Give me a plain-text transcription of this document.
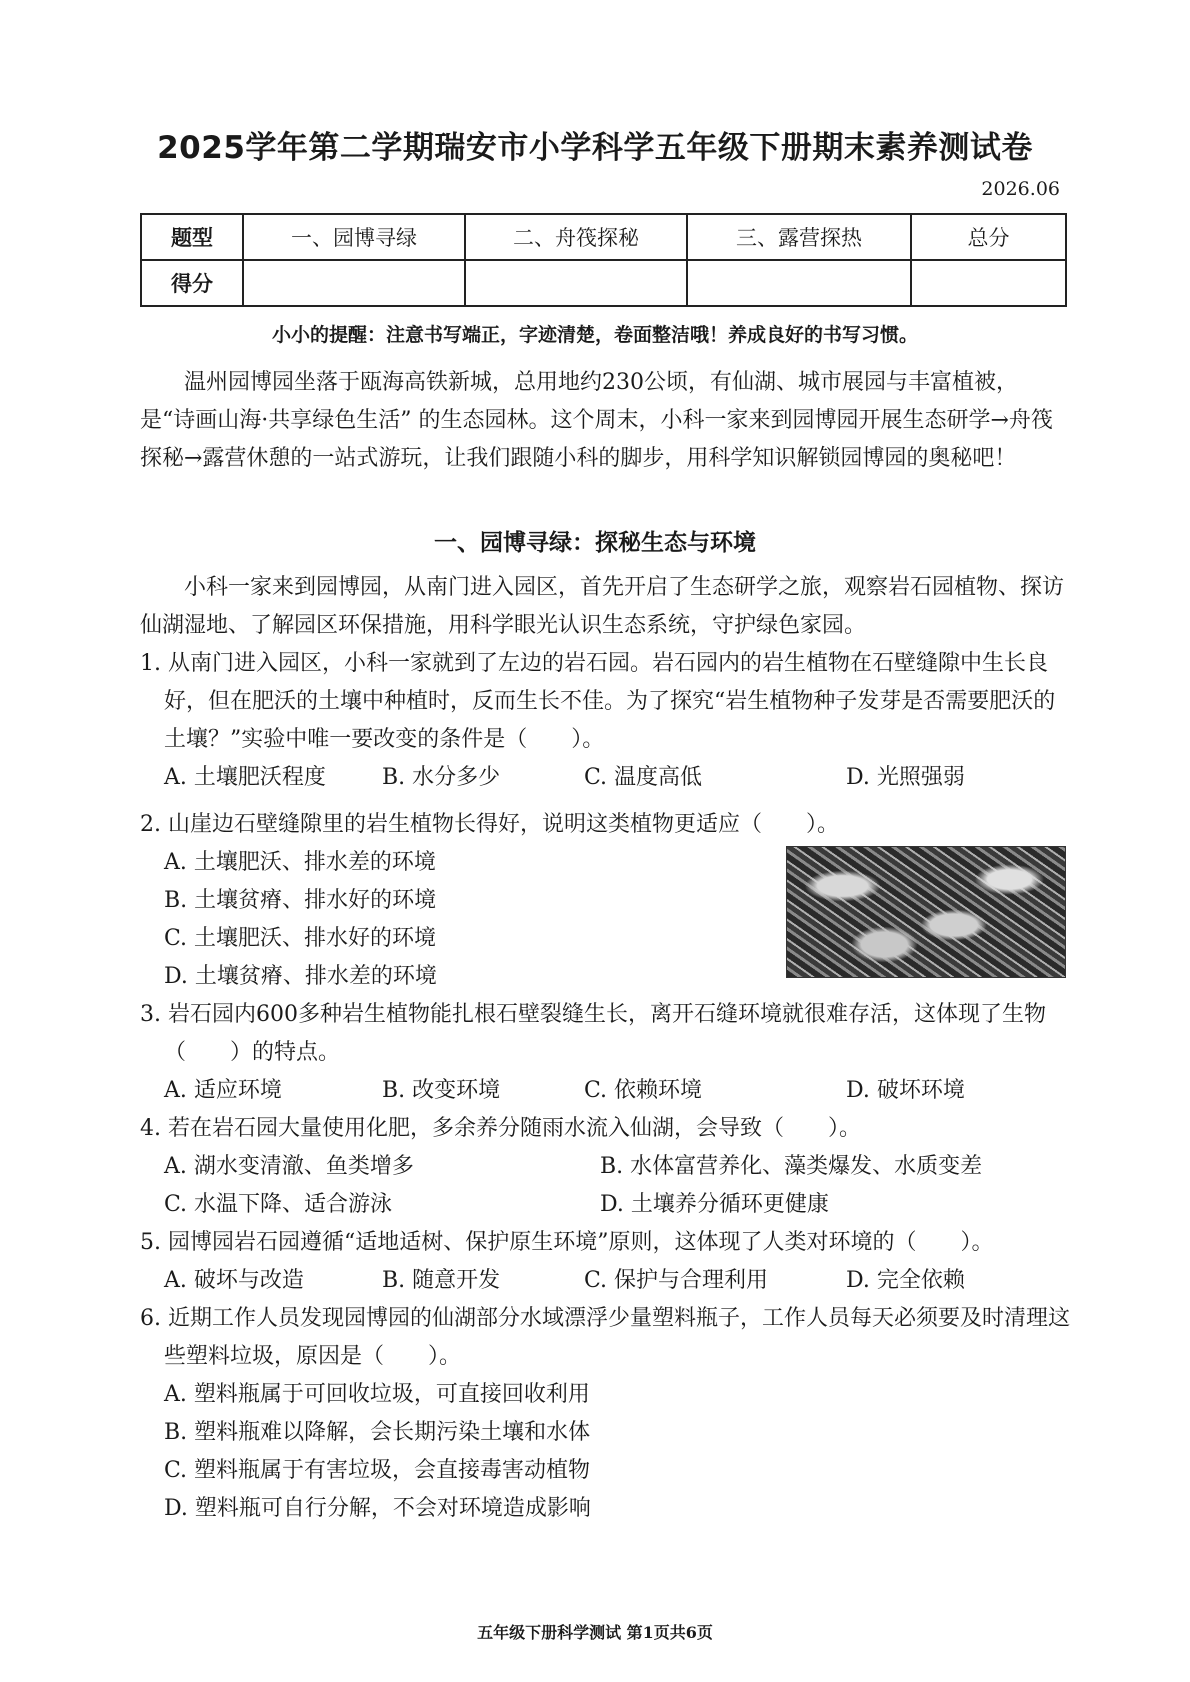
2025学年第二学期瑞安市小学科学五年级下册期末素养测试卷
2026.06
题型	一、园博寻绿	二、舟筏探秘	三、露营探热	总分
得分				
小小的提醒：注意书写端正，字迹清楚，卷面整洁哦！养成良好的书写习惯。
温州园博园坐落于瓯海高铁新城，总用地约230公顷，有仙湖、城市展园与丰富植被，是“诗画山海·共享绿色生活” 的生态园林。这个周末，小科一家来到园博园开展生态研学→舟筏探秘→露营休憩的一站式游玩，让我们跟随小科的脚步，用科学知识解锁园博园的奥秘吧！
一、园博寻绿：探秘生态与环境
小科一家来到园博园，从南门进入园区，首先开启了生态研学之旅，观察岩石园植物、探访仙湖湿地、了解园区环保措施，用科学眼光认识生态系统，守护绿色家园。
1. 从南门进入园区，小科一家就到了左边的岩石园。岩石园内的岩生植物在石壁缝隙中生长良好，但在肥沃的土壤中种植时，反而生长不佳。为了探究“岩生植物种子发芽是否需要肥沃的土壤？”实验中唯一要改变的条件是（　　）。
A. 土壤肥沃程度	B. 水分多少	C. 温度高低	D. 光照强弱
2. 山崖边石壁缝隙里的岩生植物长得好，说明这类植物更适应（　　）。
A. 土壤肥沃、排水差的环境
B. 土壤贫瘠、排水好的环境
C. 土壤肥沃、排水好的环境
D. 土壤贫瘠、排水差的环境
3. 岩石园内600多种岩生植物能扎根石壁裂缝生长，离开石缝环境就很难存活，这体现了生物（　　）的特点。
A. 适应环境	B. 改变环境	C. 依赖环境	D. 破坏环境
4. 若在岩石园大量使用化肥，多余养分随雨水流入仙湖，会导致（　　）。
A. 湖水变清澈、鱼类增多	B. 水体富营养化、藻类爆发、水质变差
C. 水温下降、适合游泳	D. 土壤养分循环更健康
5. 园博园岩石园遵循“适地适树、保护原生环境”原则，这体现了人类对环境的（　　）。
A. 破坏与改造	B. 随意开发	C. 保护与合理利用	D. 完全依赖
6. 近期工作人员发现园博园的仙湖部分水域漂浮少量塑料瓶子，工作人员每天必须要及时清理这些塑料垃圾，原因是（　　）。
A. 塑料瓶属于可回收垃圾，可直接回收利用
B. 塑料瓶难以降解，会长期污染土壤和水体
C. 塑料瓶属于有害垃圾，会直接毒害动植物
D. 塑料瓶可自行分解，不会对环境造成影响
五年级下册科学测试 第1页共6页
